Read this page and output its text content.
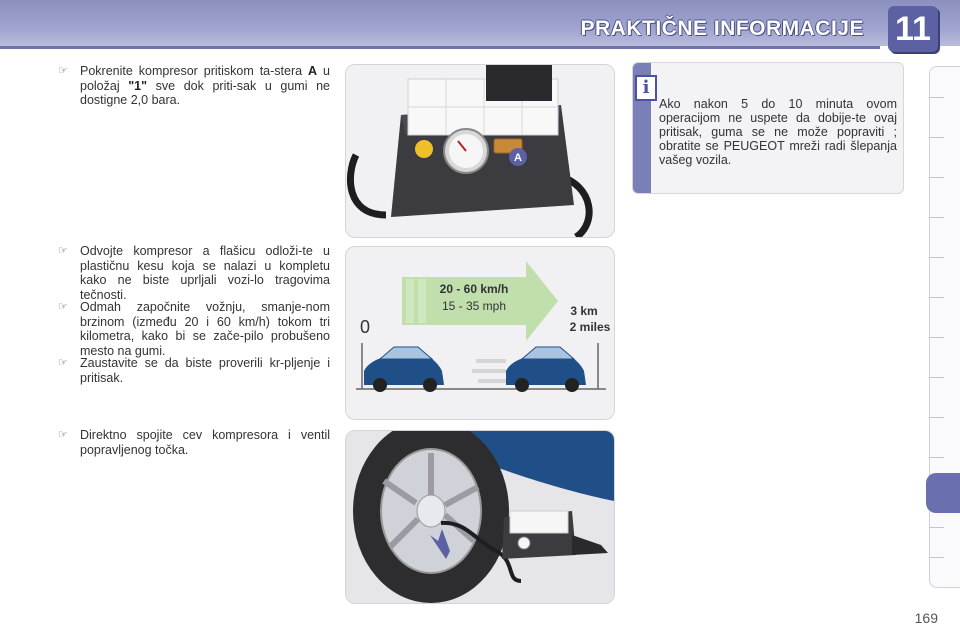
PRAKTIČNE INFORMACIJE 11
☞ Pokrenite kompresor pritiskom ta-stera A u položaj "1" sve dok priti-sak u gumi ne dostigne 2,0 bara.
☞ Odvojte kompresor a flašicu odloži-te u plastičnu kesu koja se nalazi u kompletu kako ne biste uprljali vozi-lo tragovima tečnosti.
☞ Odmah započnite vožnju, smanje-nom brzinom (između 20 i 60 km/h) tokom tri kilometra, kako bi se zače-pilo probušeno mesto na gumi.
☞ Zaustavite se da biste proverili kr-pljenje i pritisak.
☞ Direktno spojite cev kompresora i ventil popravljenog točka.
A
20 - 60 km/h
15 - 35 mph
0
3 km
2 miles
i
Ako nakon 5 do 10 minuta ovom operacijom ne uspete da dobije-te ovaj pritisak, guma se ne može popraviti ; obratite se PEUGEOT mreži radi šlepanja vašeg vozila.
169
